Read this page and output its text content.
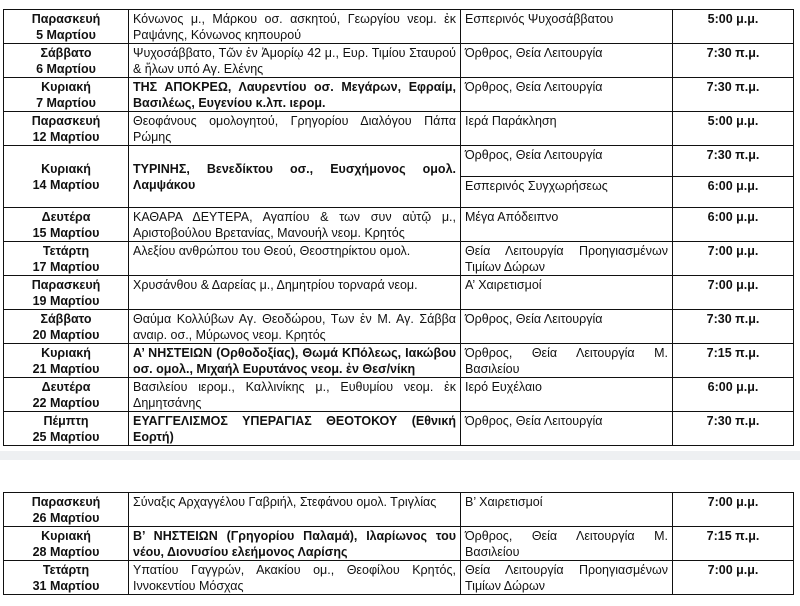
Παρασκευή
5 Μαρτίου	Κόνωνος μ., Μάρκου οσ. ασκητού, Γεωργίου νεομ. ἐκ Ραψάνης, Κόνωνος κηπουρού	Εσπερινός Ψυχοσάββατου	5:00 μ.μ.

Σάββατο
6 Μαρτίου	Ψυχοσάββατο, Τῶν ἐν Ἀμορίῳ 42 μ., Ευρ. Τιμίου Σταυρού & ἥλων υπό Αγ. Ελένης	Όρθρος, Θεία Λειτουργία	7:30 π.μ.

Κυριακή
7 Μαρτίου	ΤΗΣ ΑΠΟΚΡΕΩ, Λαυρεντίου οσ. Μεγάρων, Εφραίμ, Βασιλέως, Ευγενίου κ.λπ. ιερομ.	Όρθρος, Θεία Λειτουργία	7:30 π.μ.

Παρασκευή
12 Μαρτίου	Θεοφάνους ομολογητού, Γρηγορίου Διαλόγου Πάπα Ρώμης	Ιερά Παράκληση	5:00 μ.μ.

Κυριακή
14 Μαρτίου	ΤΥΡΙΝΗΣ, Βενεδίκτου οσ., Ευσχήμονος ομολ. Λαμψάκου	Όρθρος, Θεία Λειτουργία	7:30 π.μ.
		Εσπερινός Συγχωρήσεως	6:00 μ.μ.

Δευτέρα
15 Μαρτίου	ΚΑΘΑΡΑ ΔΕΥΤΕΡΑ, Αγαπίου & των συν αὐτῷ μ., Αριστοβούλου Βρετανίας, Μανουήλ νεομ. Κρητός	Μέγα Απόδειπνο	6:00 μ.μ.

Τετάρτη
17 Μαρτίου	Αλεξίου ανθρώπου του Θεού, Θεοστηρίκτου ομολ.	Θεία Λειτουργία Προηγιασμένων Τιμίων Δώρων	7:00 μ.μ.

Παρασκευή
19 Μαρτίου	Χρυσάνθου & Δαρείας μ., Δημητρίου τορναρά νεομ.	Α’ Χαιρετισμοί	7:00 μ.μ.

Σάββατο
20 Μαρτίου	Θαύμα Κολλύβων Αγ. Θεοδώρου, Των ἐν Μ. Αγ. Σάββα αναιρ. οσ., Μύρωνος νεομ. Κρητός	Όρθρος, Θεία Λειτουργία	7:30 π.μ.

Κυριακή
21 Μαρτίου	Α’ ΝΗΣΤΕΙΩΝ (Ορθοδοξίας), Θωμά ΚΠόλεως, Ιακώβου οσ. ομολ., Μιχαήλ Ευρυτάνος νεομ. ἐν Θεσ/νίκη	Όρθρος, Θεία Λειτουργία Μ. Βασιλείου	7:15 π.μ.

Δευτέρα
22 Μαρτίου	Βασιλείου ιερομ., Καλλινίκης μ., Ευθυμίου νεομ. ἐκ Δημητσάνης	Ιερό Ευχέλαιο	6:00 μ.μ.

Πέμπτη
25 Μαρτίου	ΕΥΑΓΓΕΛΙΣΜΟΣ ΥΠΕΡΑΓΙΑΣ ΘΕΟΤΟΚΟΥ (Εθνική Εορτή)	Όρθρος, Θεία Λειτουργία	7:30 π.μ.
Παρασκευή
26 Μαρτίου	Σύναξις Αρχαγγέλου Γαβριήλ, Στεφάνου ομολ. Τριγλίας	Β’ Χαιρετισμοί	7:00 μ.μ.

Κυριακή
28 Μαρτίου	Β’ ΝΗΣΤΕΙΩΝ (Γρηγορίου Παλαμά), Ιλαρίωνος του νέου, Διονυσίου ελεήμονος Λαρίσης	Όρθρος, Θεία Λειτουργία Μ. Βασιλείου	7:15 π.μ.

Τετάρτη
31 Μαρτίου	Υπατίου Γαγγρών, Ακακίου ομ., Θεοφίλου Κρητός, Ιννοκεντίου Μόσχας	Θεία Λειτουργία Προηγιασμένων Τιμίων Δώρων	7:00 μ.μ.
